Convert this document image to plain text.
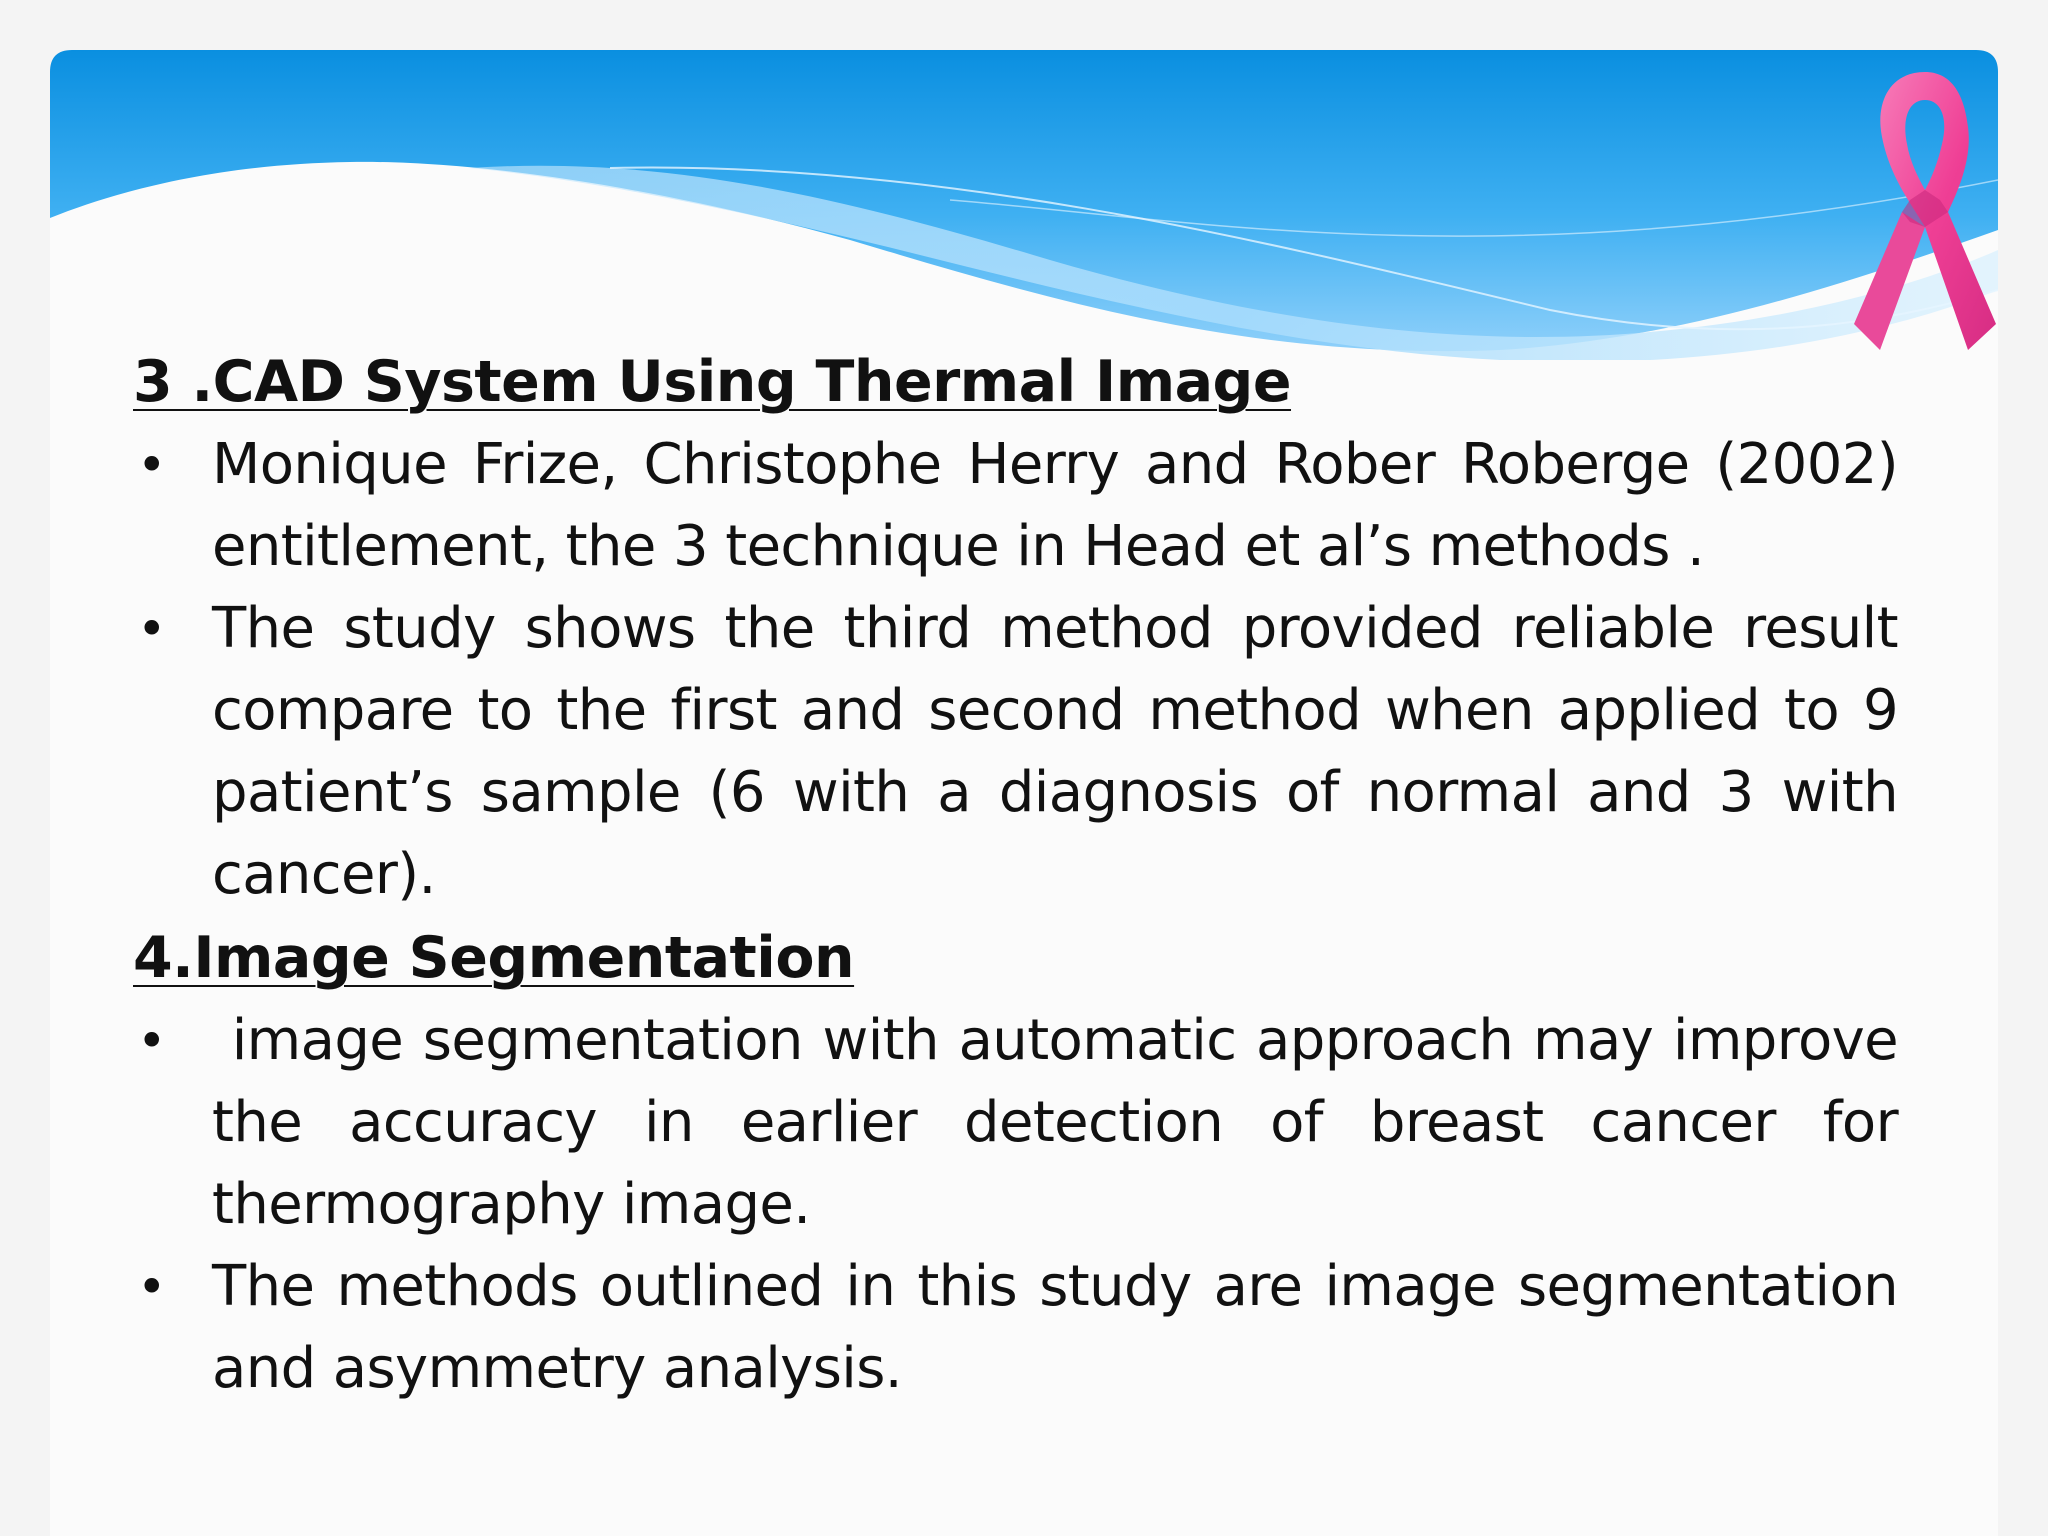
3 .CAD System Using Thermal Image
• Monique Frize, Christophe Herry and Rober Roberge (2002) entitlement, the 3 technique in Head et al’s methods .
• The study shows the third method provided reliable result compare to the first and second method when applied to 9 patient’s sample (6 with a diagnosis of normal and 3 with cancer).
4.Image Segmentation
• image segmentation with automatic approach may improve the accuracy in earlier detection of breast cancer for thermography image.
• The methods outlined in this study are image segmentation and asymmetry analysis.
